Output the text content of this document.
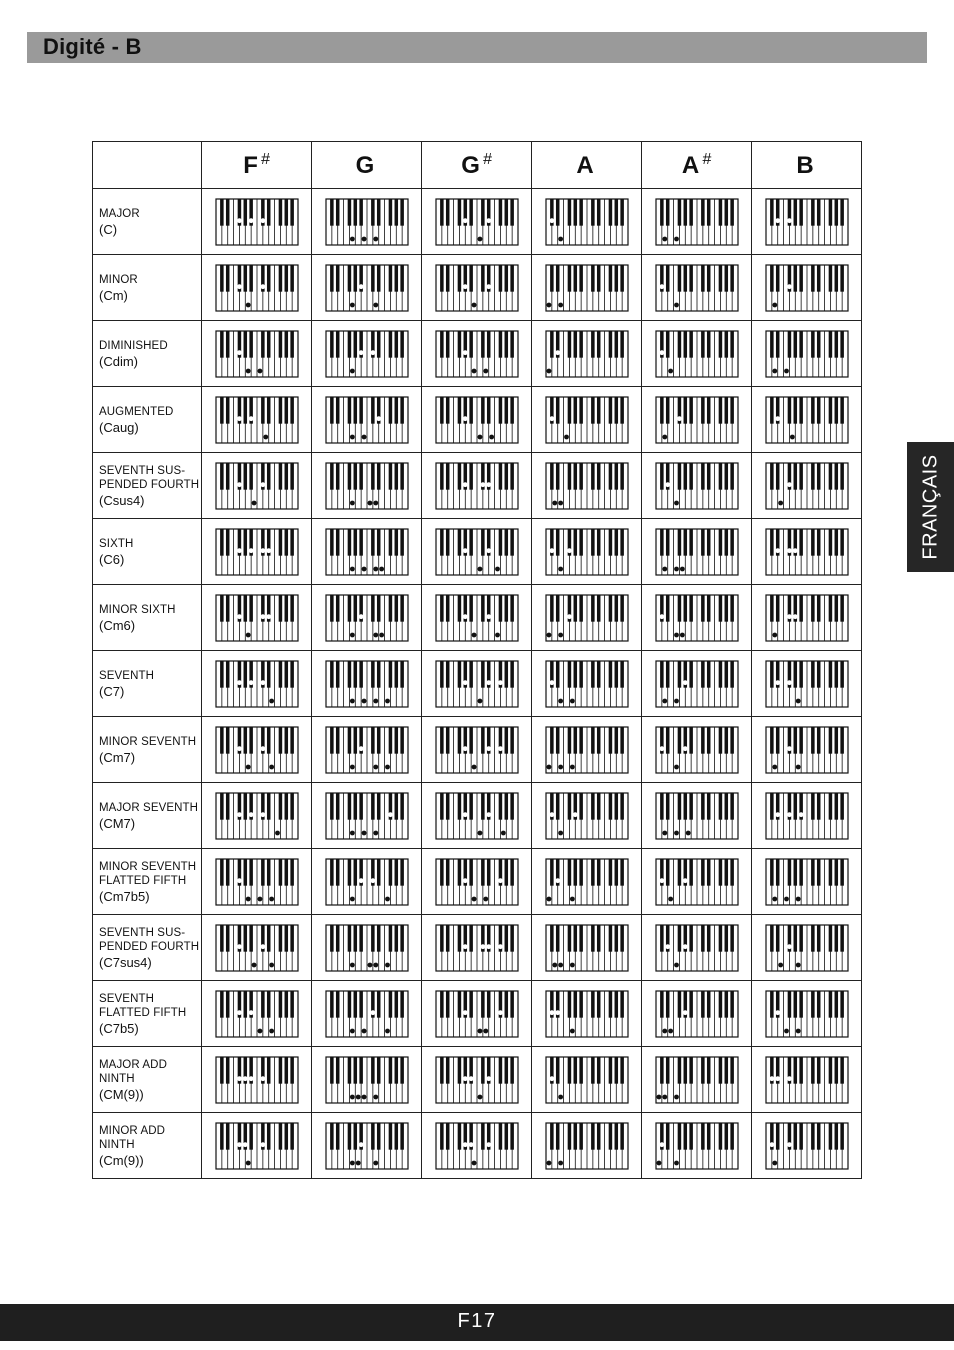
Digité - B
	F #	G	G #	A	A #	B

MAJOR
(C)

MINOR
(Cm)

DIMINISHED
(Cdim)

AUGMENTED
(Caug)

SEVENTH SUS-PENDED FOURTH
(Csus4)

SIXTH
(C6)

MINOR SIXTH
(Cm6)

SEVENTH
(C7)

MINOR SEVENTH
(Cm7)

MAJOR SEVENTH
(CM7)

MINOR SEVENTH FLATTED FIFTH
(Cm7b5)

SEVENTH SUS-PENDED FOURTH
(C7sus4)

SEVENTH FLATTED FIFTH
(C7b5)

MAJOR ADD NINTH
(CM(9))

MINOR ADD NINTH
(Cm(9))

FRANÇAIS
F17
